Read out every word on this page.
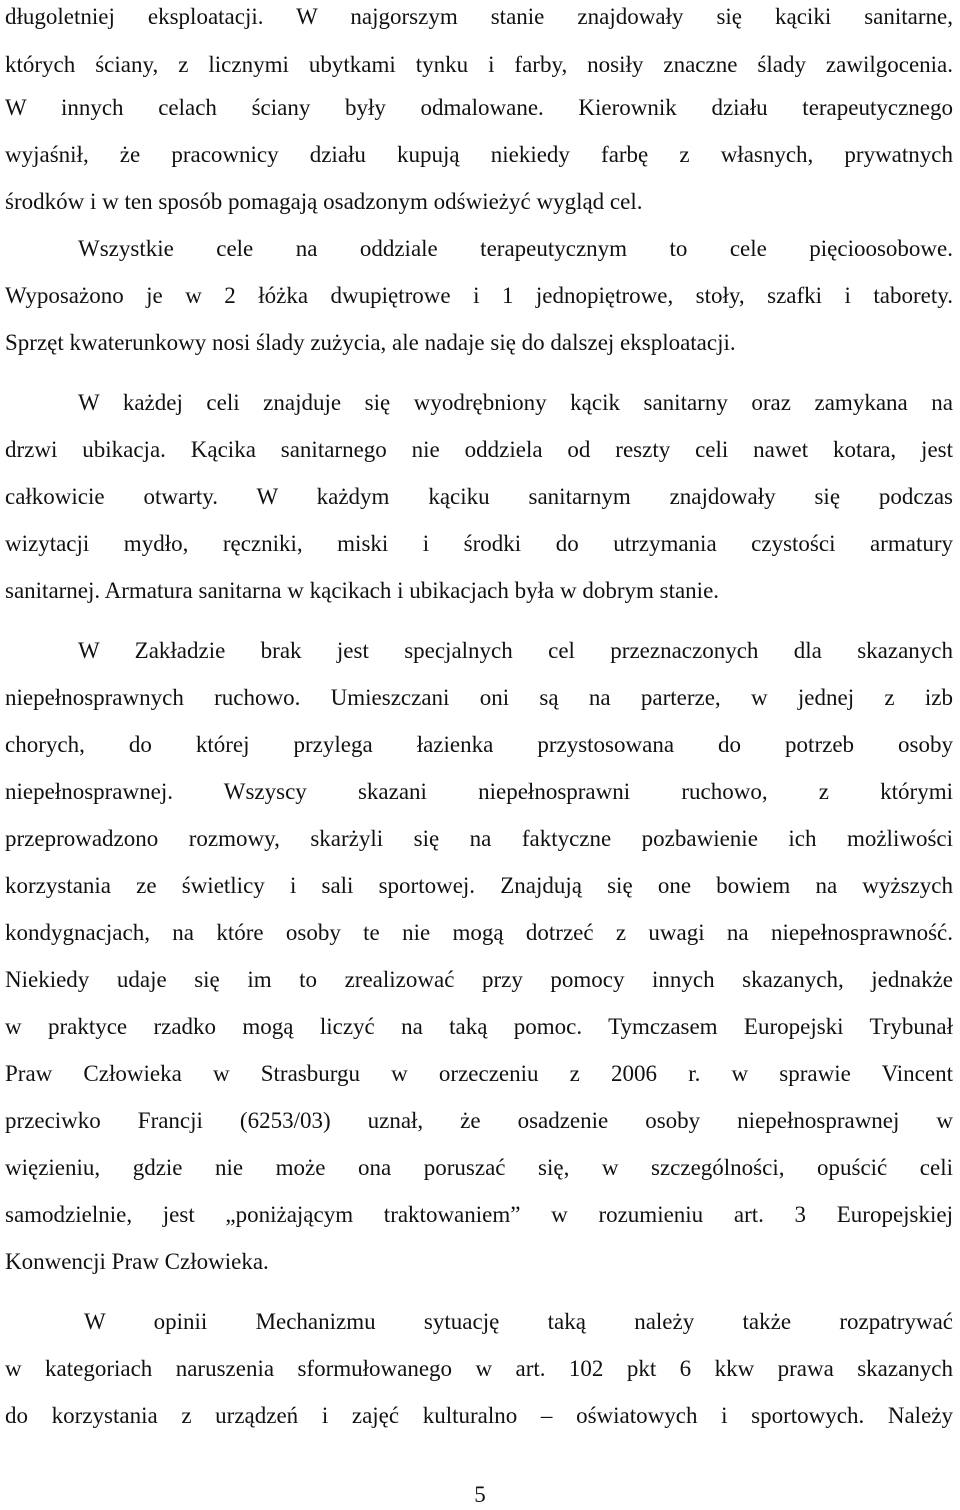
długoletniej eksploatacji. W najgorszym stanie znajdowały się kąciki sanitarne,
których ściany, z licznymi ubytkami tynku i farby, nosiły znaczne ślady zawilgocenia.
W innych celach ściany były odmalowane. Kierownik działu terapeutycznego
wyjaśnił, że pracownicy działu kupują niekiedy farbę z własnych, prywatnych
środków i w ten sposób pomagają osadzonym odświeżyć wygląd cel.
Wszystkie cele na oddziale terapeutycznym to cele pięcioosobowe.
Wyposażono je w 2 łóżka dwupiętrowe i 1 jednopiętrowe, stoły, szafki i taborety.
Sprzęt kwaterunkowy nosi ślady zużycia, ale nadaje się do dalszej eksploatacji.
W każdej celi znajduje się wyodrębniony kącik sanitarny oraz zamykana na
drzwi ubikacja. Kącika sanitarnego nie oddziela od reszty celi nawet kotara, jest
całkowicie otwarty. W każdym kąciku sanitarnym znajdowały się podczas
wizytacji mydło, ręczniki, miski i środki do utrzymania czystości armatury
sanitarnej. Armatura sanitarna w kącikach i ubikacjach była w dobrym stanie.
W Zakładzie brak jest specjalnych cel przeznaczonych dla skazanych
niepełnosprawnych ruchowo. Umieszczani oni są na parterze, w jednej z izb
chorych, do której przylega łazienka przystosowana do potrzeb osoby
niepełnosprawnej. Wszyscy skazani niepełnosprawni ruchowo, z którymi
przeprowadzono rozmowy, skarżyli się na faktyczne pozbawienie ich możliwości
korzystania ze świetlicy i sali sportowej. Znajdują się one bowiem na wyższych
kondygnacjach, na które osoby te nie mogą dotrzeć z uwagi na niepełnosprawność.
Niekiedy udaje się im to zrealizować przy pomocy innych skazanych, jednakże
w praktyce rzadko mogą liczyć na taką pomoc. Tymczasem Europejski Trybunał
Praw Człowieka w Strasburgu w orzeczeniu z 2006 r. w sprawie Vincent
przeciwko Francji (6253/03) uznał, że osadzenie osoby niepełnosprawnej w
więzieniu, gdzie nie może ona poruszać się, w szczególności, opuścić celi
samodzielnie, jest „poniżającym traktowaniem” w rozumieniu art. 3 Europejskiej
Konwencji Praw Człowieka.
W opinii Mechanizmu sytuację taką należy także rozpatrywać
w kategoriach naruszenia sformułowanego w art. 102 pkt 6 kkw prawa skazanych
do korzystania z urządzeń i zajęć kulturalno – oświatowych i sportowych. Należy
5
